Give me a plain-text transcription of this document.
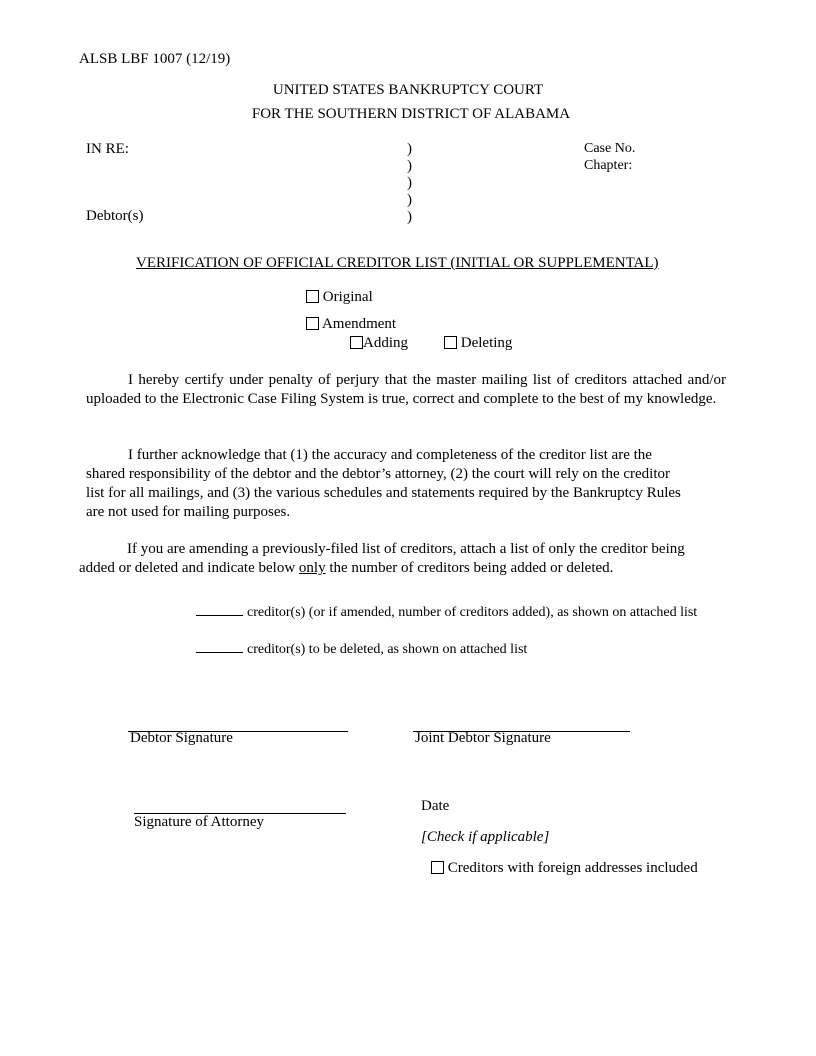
ALSB LBF 1007 (12/19)
UNITED STATES BANKRUPTCY COURT
FOR THE SOUTHERN DISTRICT OF ALABAMA
IN RE:
Debtor(s)
)
)
)
)
)
Case No.
Chapter:
VERIFICATION OF OFFICIAL CREDITOR LIST (INITIAL OR SUPPLEMENTAL)
Original
Amendment
Adding	Deleting
I hereby certify under penalty of perjury that the master mailing list of creditors attached and/or uploaded to the Electronic Case Filing System is true, correct and complete to the best of my knowledge.
I further acknowledge that (1) the accuracy and completeness of the creditor list are the
shared responsibility of the debtor and the debtor’s attorney, (2) the court will rely on the creditor
list for all mailings, and (3) the various schedules and statements required by the Bankruptcy Rules
are not used for mailing purposes.
If you are amending a previously-filed list of creditors, attach a list of only the creditor being
added or deleted and indicate below only the number of creditors being added or deleted.
creditor(s) (or if amended, number of creditors added), as shown on attached list
creditor(s) to be deleted, as shown on attached list
Debtor Signature	Joint Debtor Signature
Signature of Attorney
Date
[Check if applicable]
Creditors with foreign addresses included
